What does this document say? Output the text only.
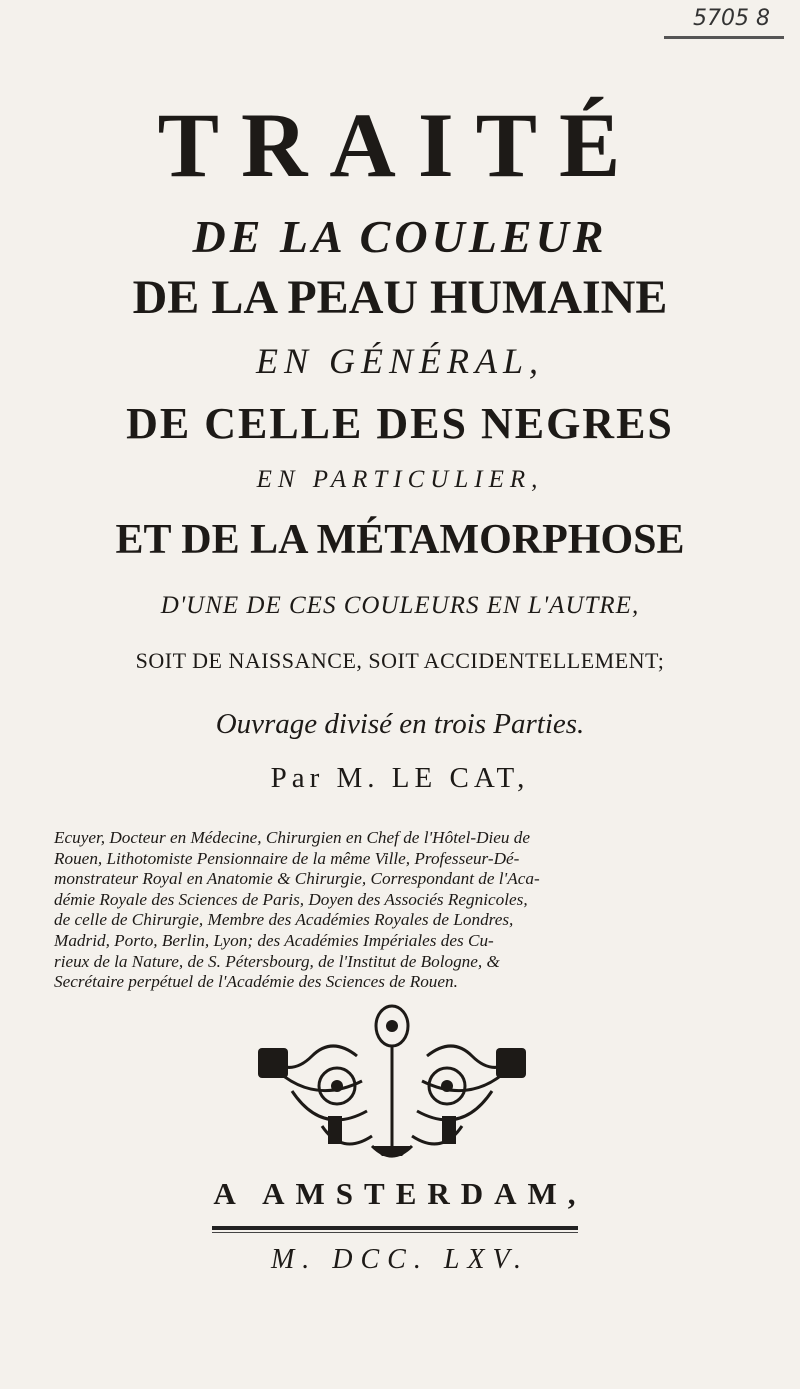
5705 8
TRAITÉ
DE LA COULEUR
DE LA PEAU HUMAINE
EN GÉNÉRAL,
DE CELLE DES NEGRES
EN PARTICULIER,
ET DE LA MÉTAMORPHOSE
D'UNE DE CES COULEURS EN L'AUTRE,
SOIT DE NAISSANCE, SOIT ACCIDENTELLEMENT;
Ouvrage divisé en trois Parties.
Par M. LE CAT,
Ecuyer, Docteur en Médecine, Chirurgien en Chef de l'Hôtel-Dieu de
Rouen, Lithotomiste Pensionnaire de la même Ville, Professeur-Dé-
monstrateur Royal en Anatomie & Chirurgie, Correspondant de l'Aca-
démie Royale des Sciences de Paris, Doyen des Associés Regnicoles,
de celle de Chirurgie, Membre des Académies Royales de Londres,
Madrid, Porto, Berlin, Lyon; des Académies Impériales des Cu-
rieux de la Nature, de S. Pétersbourg, de l'Institut de Bologne, &
Secrétaire perpétuel de l'Académie des Sciences de Rouen.
A AMSTERDAM,
M. DCC. LXV.
